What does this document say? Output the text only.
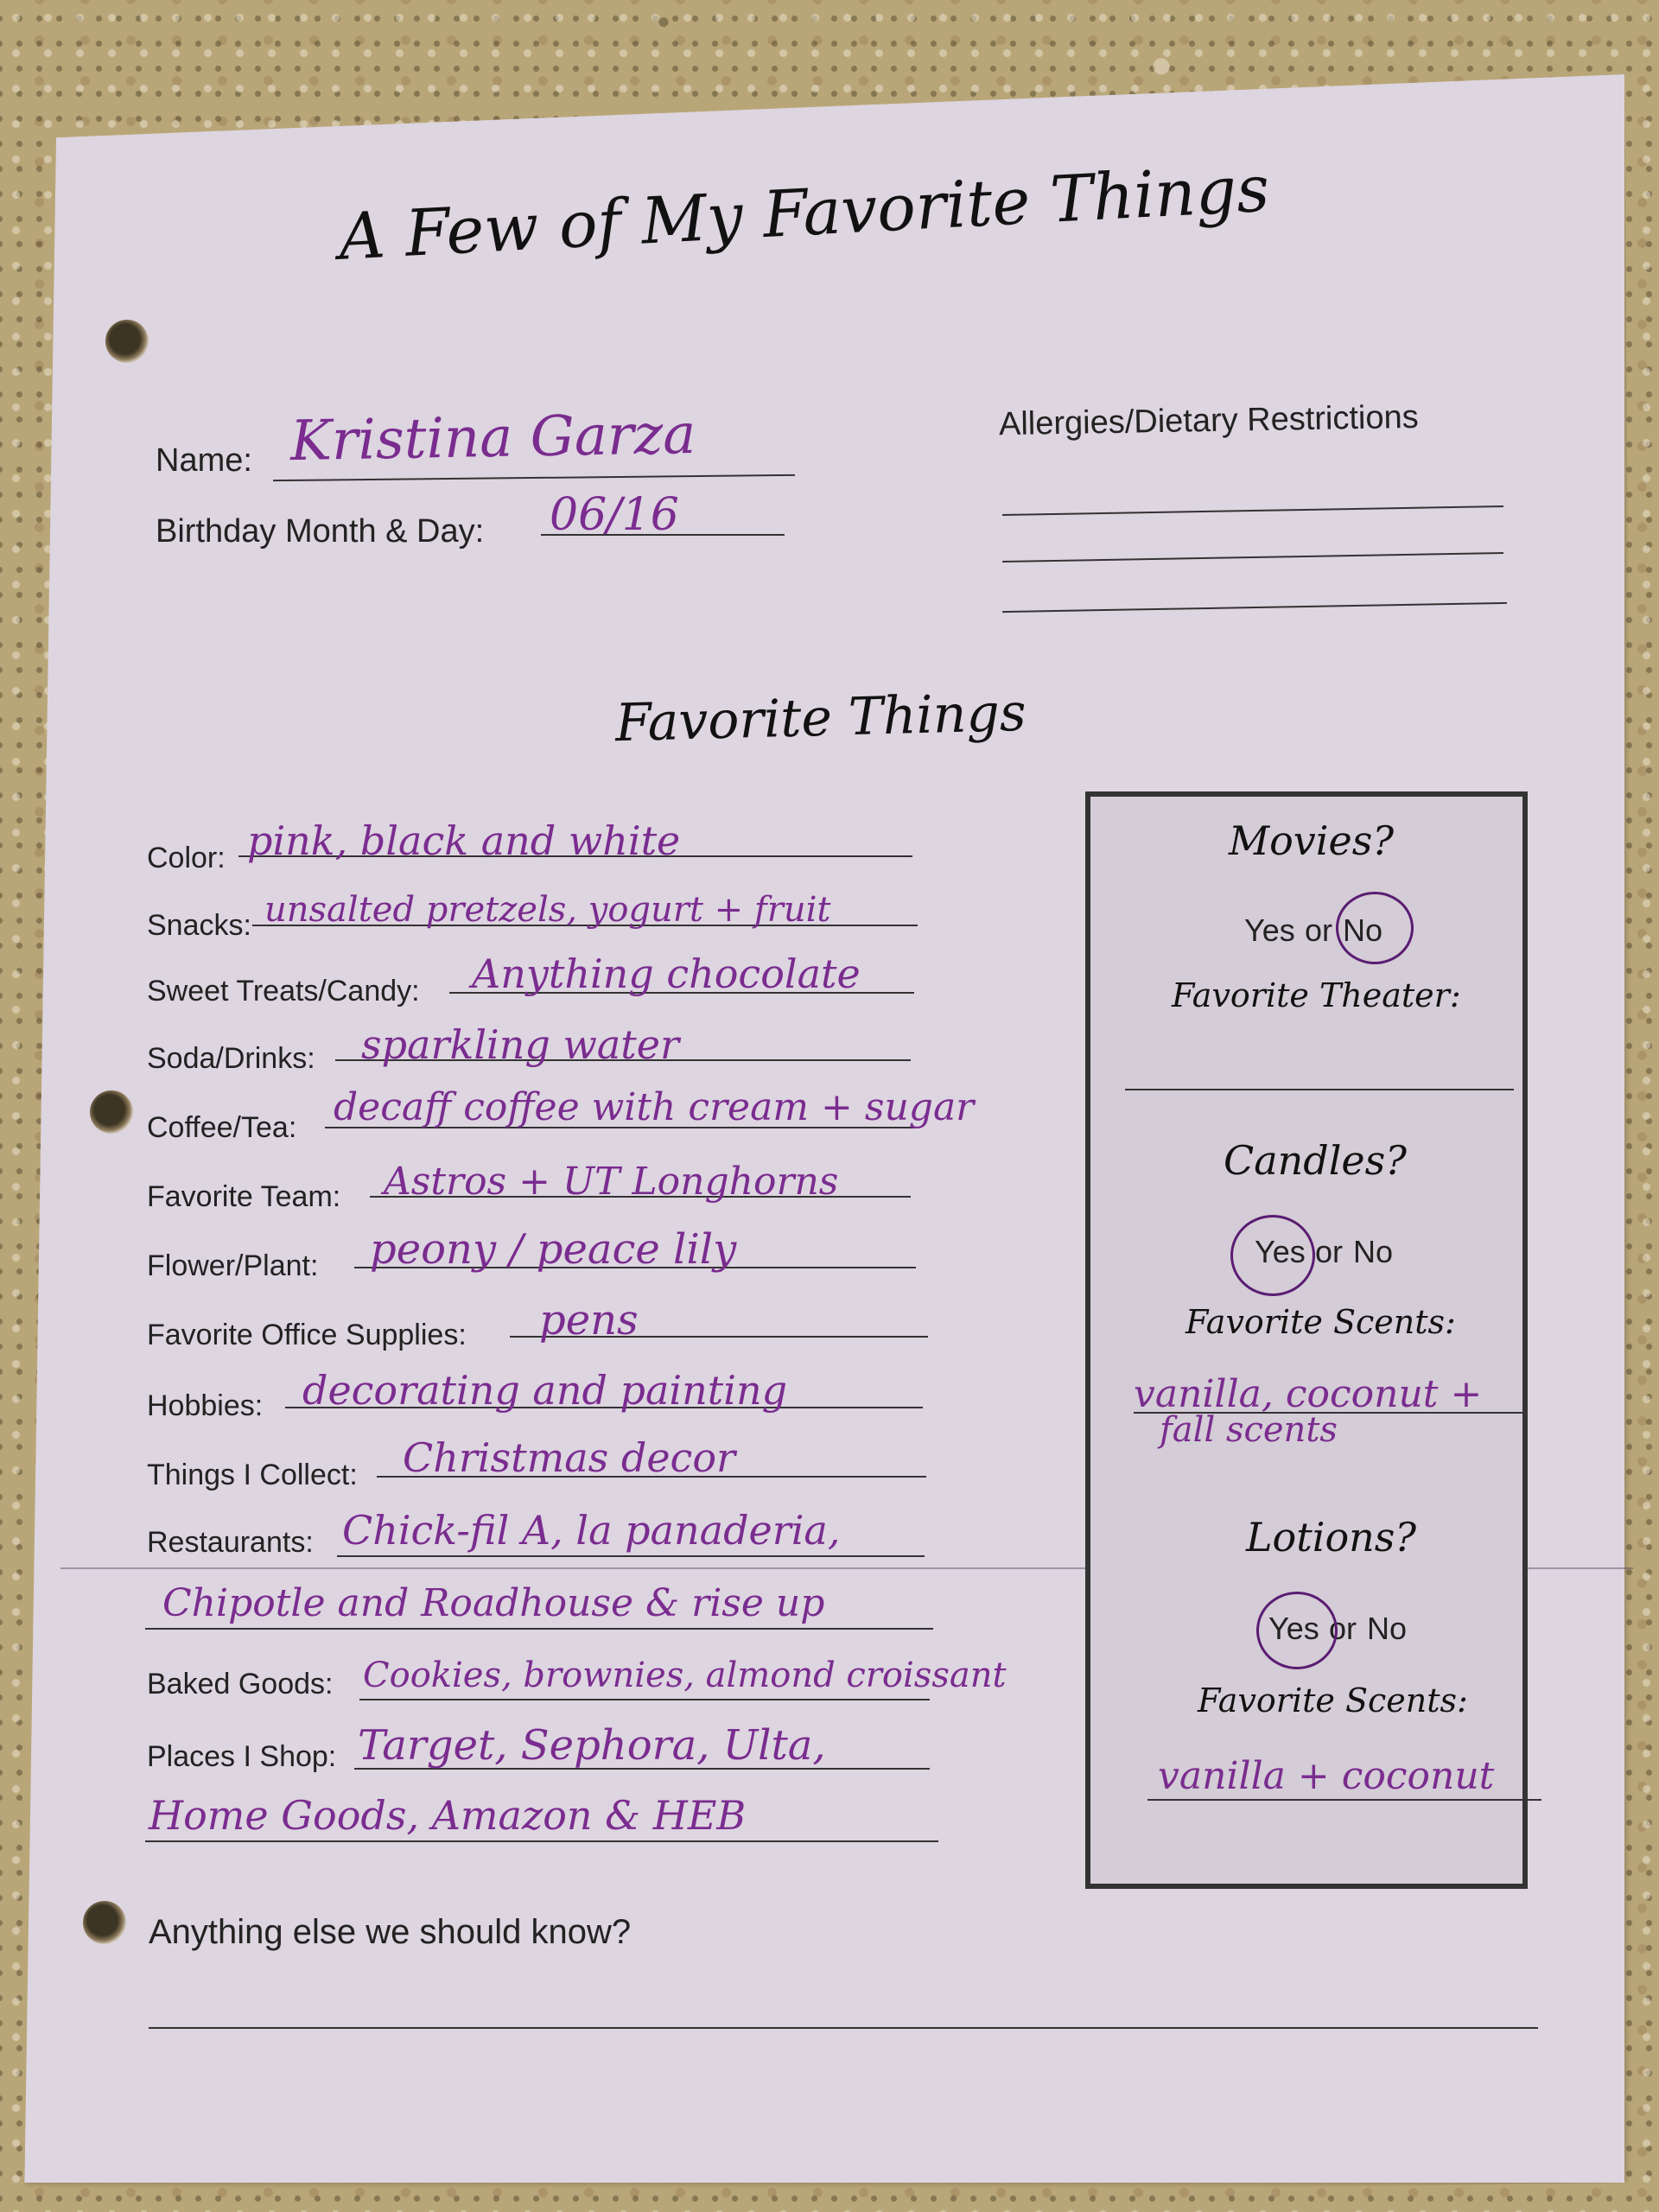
A Few of My Favorite Things
Name: Kristina Garza
Birthday Month & Day: 06/16
Allergies/Dietary Restrictions
Favorite Things
Color: pink, black and white
Snacks: unsalted pretzels, yogurt + fruit
Sweet Treats/Candy: Anything chocolate
Soda/Drinks: sparkling water
Coffee/Tea: decaff coffee with cream + sugar
Favorite Team: Astros + UT Longhorns
Flower/Plant: peony / peace lily
Favorite Office Supplies: pens
Hobbies: decorating and painting
Things I Collect: Christmas decor
Restaurants: Chick-fil A, la panaderia,
Chipotle and Roadhouse & rise up
Baked Goods: Cookies, brownies, almond croissant
Places I Shop: Target, Sephora, Ulta,
Home Goods, Amazon & HEB
Anything else we should know?
Movies?
Yes or No
Favorite Theater:
Candles?
Yes or No
Favorite Scents:
vanilla, coconut +
fall scents
Lotions?
Yes or No
Favorite Scents:
vanilla + coconut
